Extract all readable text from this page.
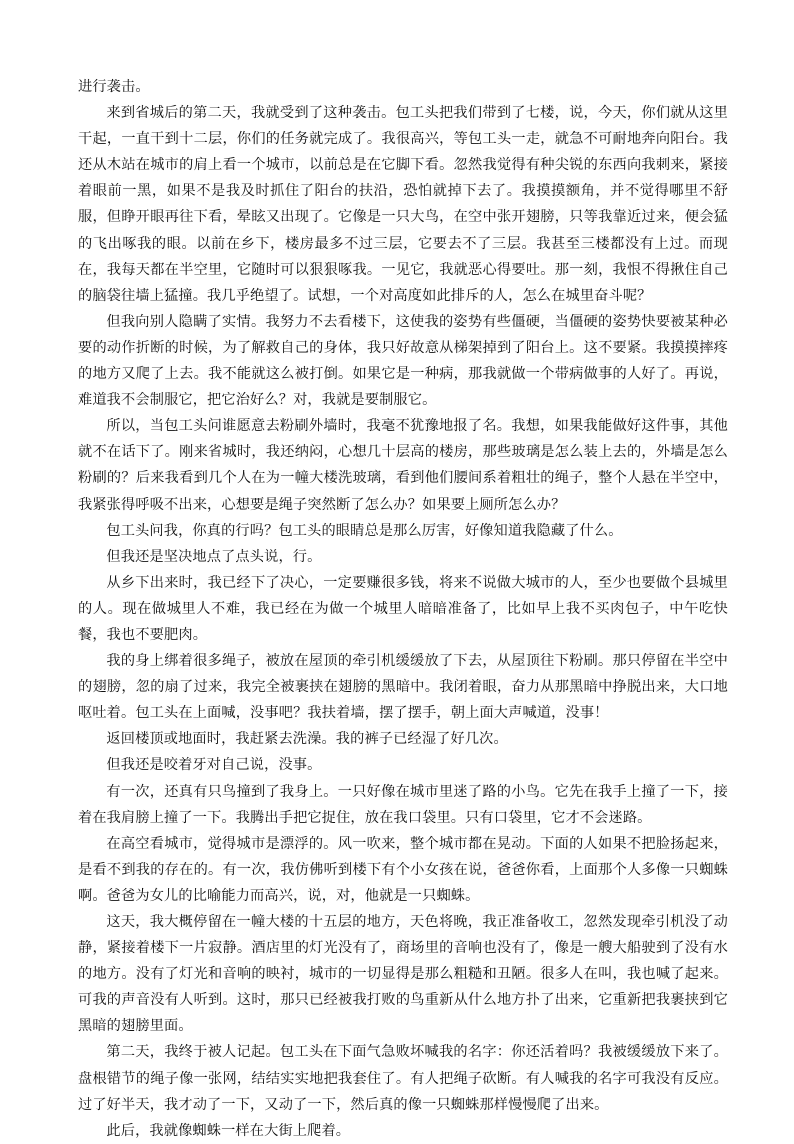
进行袭击。

来到省城后的第二天，我就受到了这种袭击。包工头把我们带到了七楼，说，今天，你们就从这里干起，一直干到十二层，你们的任务就完成了。我很高兴，等包工头一走，就急不可耐地奔向阳台。我还从木站在城市的肩上看一个城市，以前总是在它脚下看。忽然我觉得有种尖锐的东西向我刺来，紧接着眼前一黑，如果不是我及时抓住了阳台的扶沿，恐怕就掉下去了。我摸摸额角，并不觉得哪里不舒服，但睁开眼再往下看，晕眩又出现了。它像是一只大鸟，在空中张开翅膀，只等我靠近过来，便会猛的飞出啄我的眼。以前在乡下，楼房最多不过三层，它要去不了三层。我甚至三楼都没有上过。而现在，我每天都在半空里，它随时可以狠狠啄我。一见它，我就恶心得要吐。那一刻，我恨不得揪住自己的脑袋往墙上猛撞。我几乎绝望了。试想，一个对高度如此排斥的人，怎么在城里奋斗呢？

但我向别人隐瞒了实情。我努力不去看楼下，这使我的姿势有些僵硬，当僵硬的姿势快要被某种必要的动作折断的时候，为了解救自己的身体，我只好故意从梯架掉到了阳台上。这不要紧。我摸摸摔疼的地方又爬了上去。我不能就这么被打倒。如果它是一种病，那我就做一个带病做事的人好了。再说，难道我不会制服它，把它治好么？对，我就是要制服它。

所以，当包工头问谁愿意去粉刷外墙时，我毫不犹豫地报了名。我想，如果我能做好这件事，其他就不在话下了。刚来省城时，我还纳闷，心想几十层高的楼房，那些玻璃是怎么装上去的，外墙是怎么粉刷的？后来我看到几个人在为一幢大楼洗玻璃，看到他们腰间系着粗壮的绳子，整个人悬在半空中，我紧张得呼吸不出来，心想要是绳子突然断了怎么办？如果要上厕所怎么办？

包工头问我，你真的行吗？包工头的眼睛总是那么厉害，好像知道我隐藏了什么。

但我还是坚决地点了点头说，行。

从乡下出来时，我已经下了决心，一定要赚很多钱，将来不说做大城市的人，至少也要做个县城里的人。现在做城里人不难，我已经在为做一个城里人暗暗准备了，比如早上我不买肉包子，中午吃快餐，我也不要肥肉。

我的身上绑着很多绳子，被放在屋顶的牵引机缓缓放了下去，从屋顶往下粉刷。那只停留在半空中的翅膀，忽的扇了过来，我完全被裹挟在翅膀的黑暗中。我闭着眼，奋力从那黑暗中挣脱出来，大口地呕吐着。包工头在上面喊，没事吧？我扶着墙，摆了摆手，朝上面大声喊道，没事！

返回楼顶或地面时，我赶紧去洗澡。我的裤子已经湿了好几次。

但我还是咬着牙对自己说，没事。

有一次，还真有只鸟撞到了我身上。一只好像在城市里迷了路的小鸟。它先在我手上撞了一下，接着在我肩膀上撞了一下。我腾出手把它捉住，放在我口袋里。只有口袋里，它才不会迷路。

在高空看城市，觉得城市是漂浮的。风一吹来，整个城市都在晃动。下面的人如果不把脸扬起来，是看不到我的存在的。有一次，我仿佛听到楼下有个小女孩在说，爸爸你看，上面那个人多像一只蜘蛛啊。爸爸为女儿的比喻能力而高兴，说，对，他就是一只蜘蛛。

这天，我大概停留在一幢大楼的十五层的地方，天色将晚，我正准备收工，忽然发现牵引机没了动静，紧接着楼下一片寂静。酒店里的灯光没有了，商场里的音响也没有了，像是一艘大船驶到了没有水的地方。没有了灯光和音响的映衬，城市的一切显得是那么粗糙和丑陋。很多人在叫，我也喊了起来。可我的声音没有人听到。这时，那只已经被我打败的鸟重新从什么地方扑了出来，它重新把我裹挟到它黑暗的翅膀里面。

第二天，我终于被人记起。包工头在下面气急败坏喊我的名字：你还活着吗？我被缓缓放下来了。盘根错节的绳子像一张网，结结实实地把我套住了。有人把绳子砍断。有人喊我的名字可我没有反应。过了好半天，我才动了一下，又动了一下，然后真的像一只蜘蛛那样慢慢爬了出来。

此后，我就像蜘蛛一样在大街上爬着。
